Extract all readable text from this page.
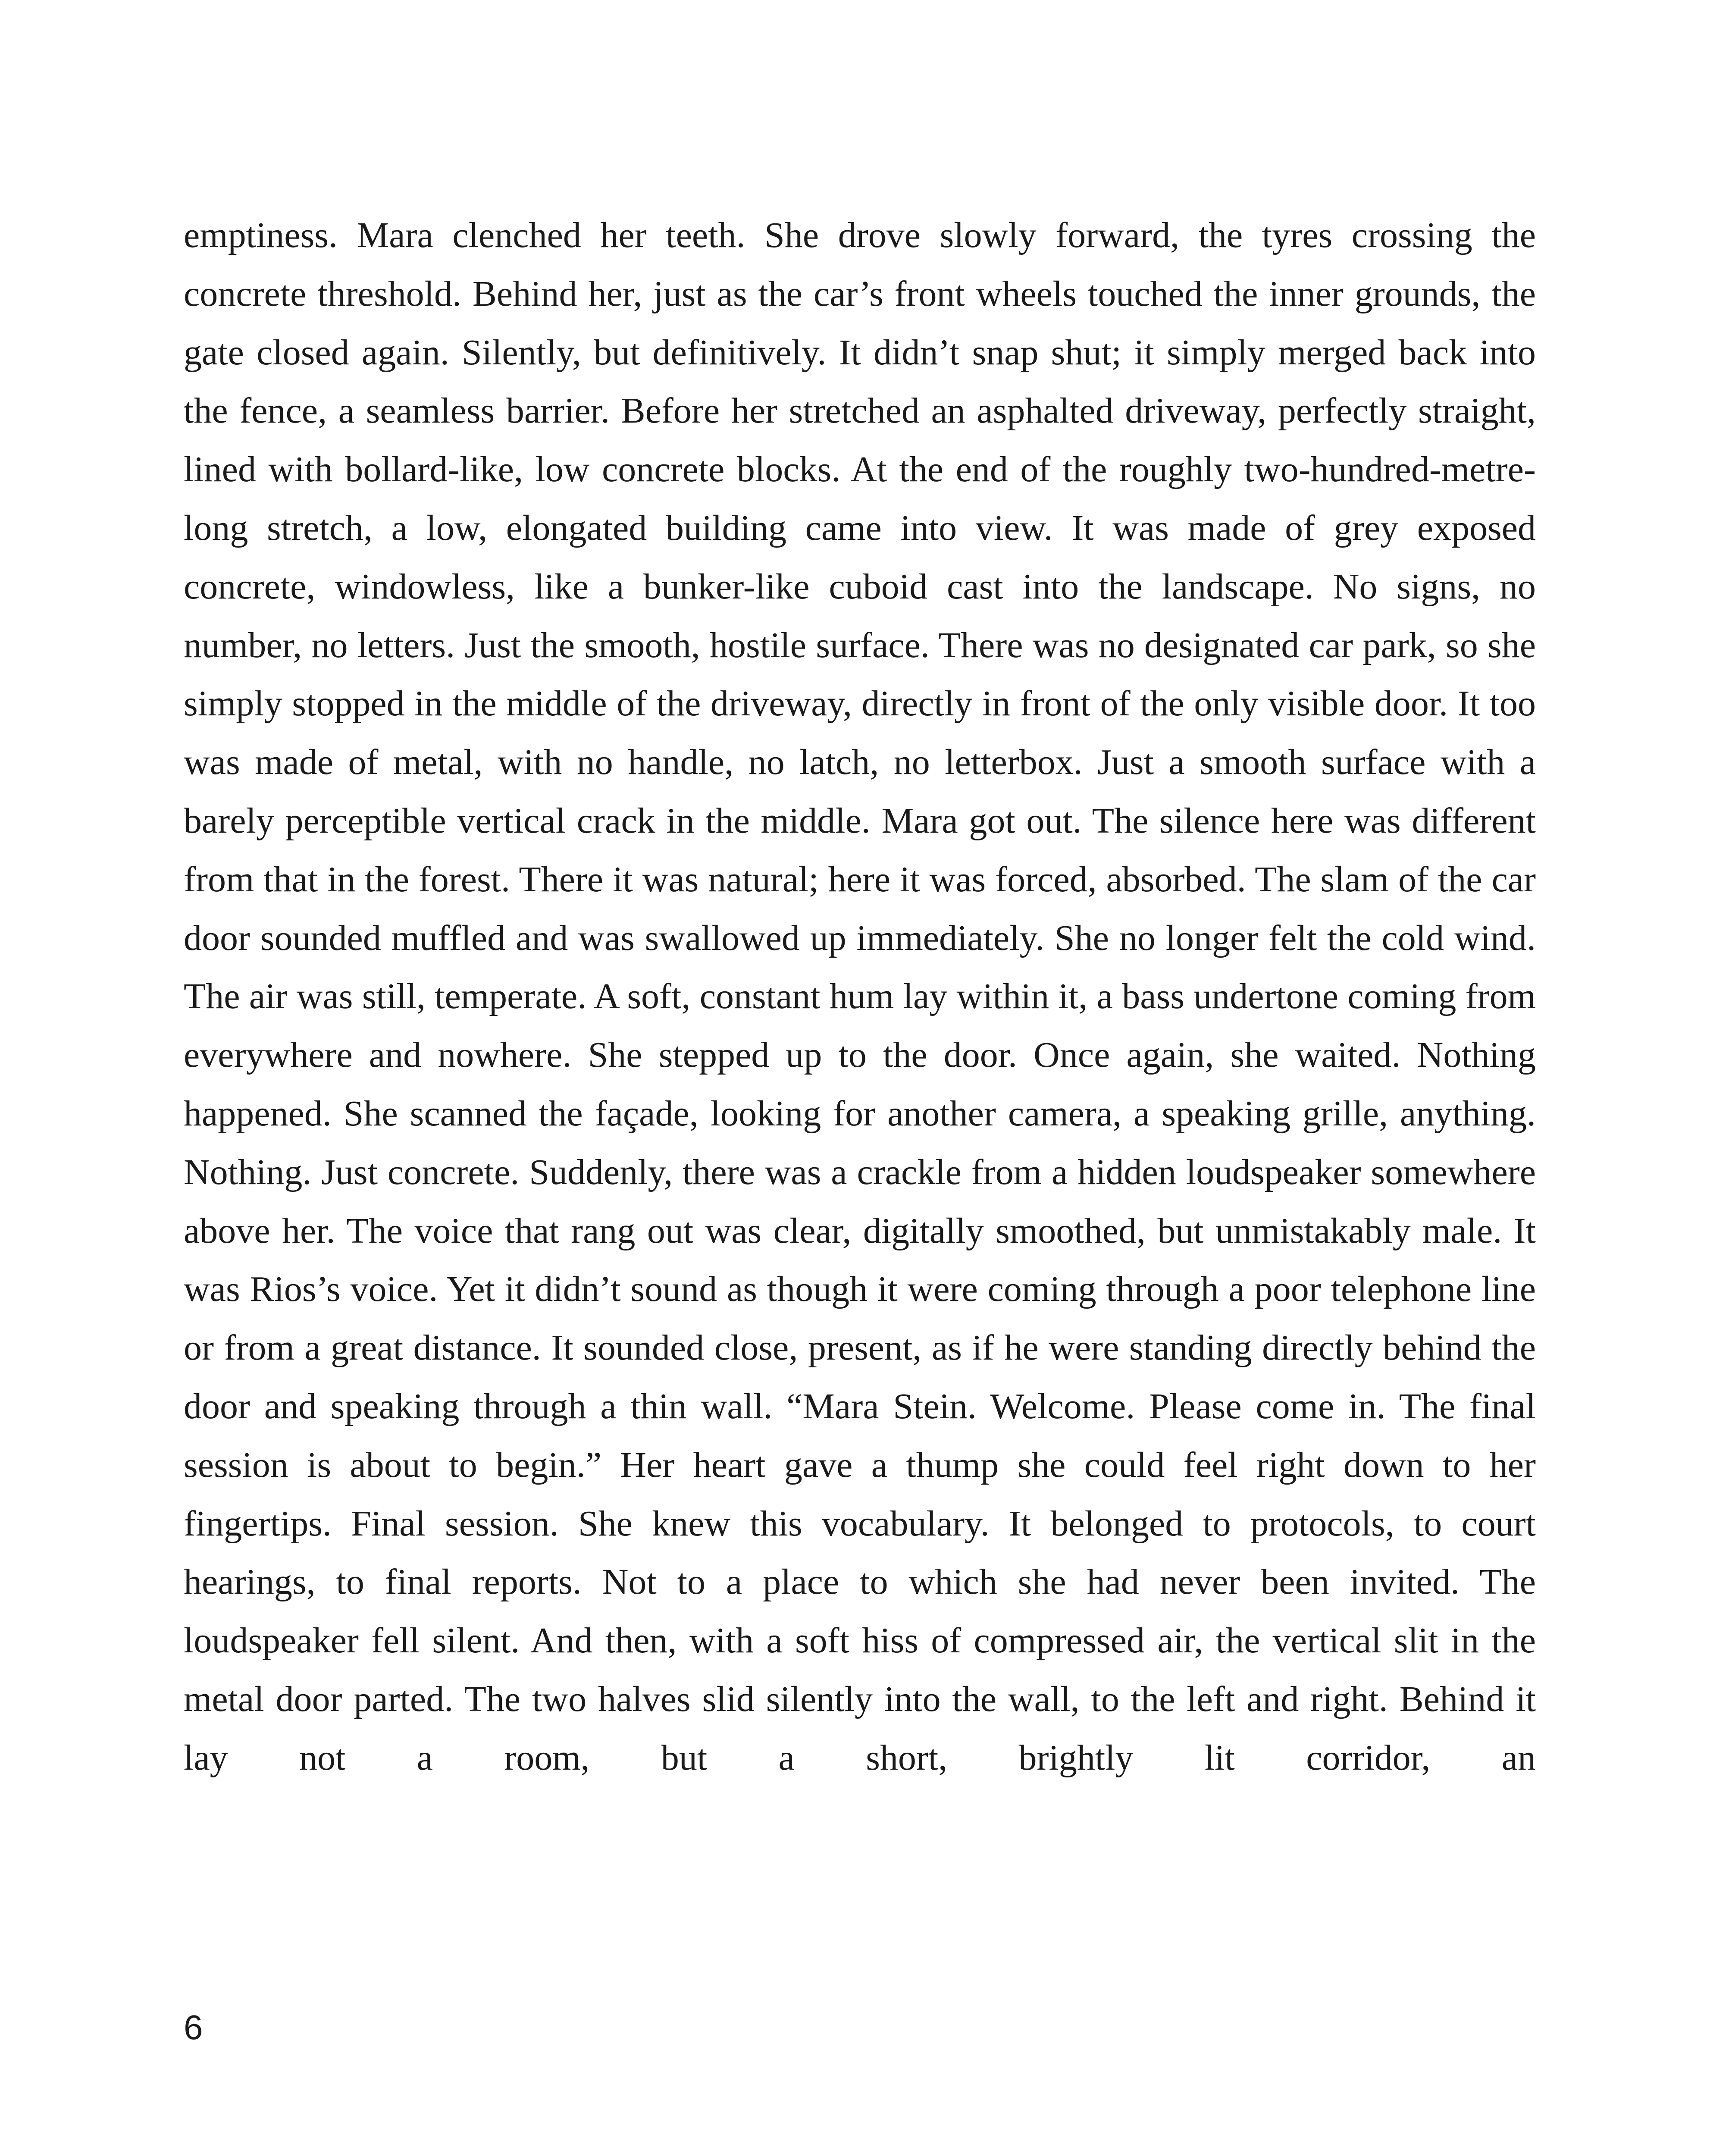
emptiness. Mara clenched her teeth. She drove slowly forward, the tyres crossing the concrete threshold. Behind her, just as the car’s front wheels touched the inner grounds, the gate closed again. Silently, but definitively. It didn’t snap shut; it simply merged back into the fence, a seamless barrier. Before her stretched an asphalted driveway, perfectly straight, lined with bollard-like, low concrete blocks. At the end of the roughly two-hundred-metre-long stretch, a low, elongated building came into view. It was made of grey exposed concrete, windowless, like a bunker-like cuboid cast into the landscape. No signs, no number, no letters. Just the smooth, hostile surface. There was no designated car park, so she simply stopped in the middle of the driveway, directly in front of the only visible door. It too was made of metal, with no handle, no latch, no letterbox. Just a smooth surface with a barely perceptible vertical crack in the middle. Mara got out. The silence here was different from that in the forest. There it was natural; here it was forced, absorbed. The slam of the car door sounded muffled and was swallowed up immediately. She no longer felt the cold wind. The air was still, temperate. A soft, constant hum lay within it, a bass undertone coming from everywhere and nowhere. She stepped up to the door. Once again, she waited. Nothing happened. She scanned the façade, looking for another camera, a speaking grille, anything. Nothing. Just concrete. Suddenly, there was a crackle from a hidden loudspeaker somewhere above her. The voice that rang out was clear, digitally smoothed, but unmistakably male. It was Rios’s voice. Yet it didn’t sound as though it were coming through a poor telephone line or from a great distance. It sounded close, present, as if he were standing directly behind the door and speaking through a thin wall. “Mara Stein. Welcome. Please come in. The final session is about to begin.” Her heart gave a thump she could feel right down to her fingertips. Final session. She knew this vocabulary. It belonged to protocols, to court hearings, to final reports. Not to a place to which she had never been invited. The loudspeaker fell silent. And then, with a soft hiss of compressed air, the vertical slit in the metal door parted. The two halves slid silently into the wall, to the left and right. Behind it lay not a room, but a short, brightly lit corridor, an

6
